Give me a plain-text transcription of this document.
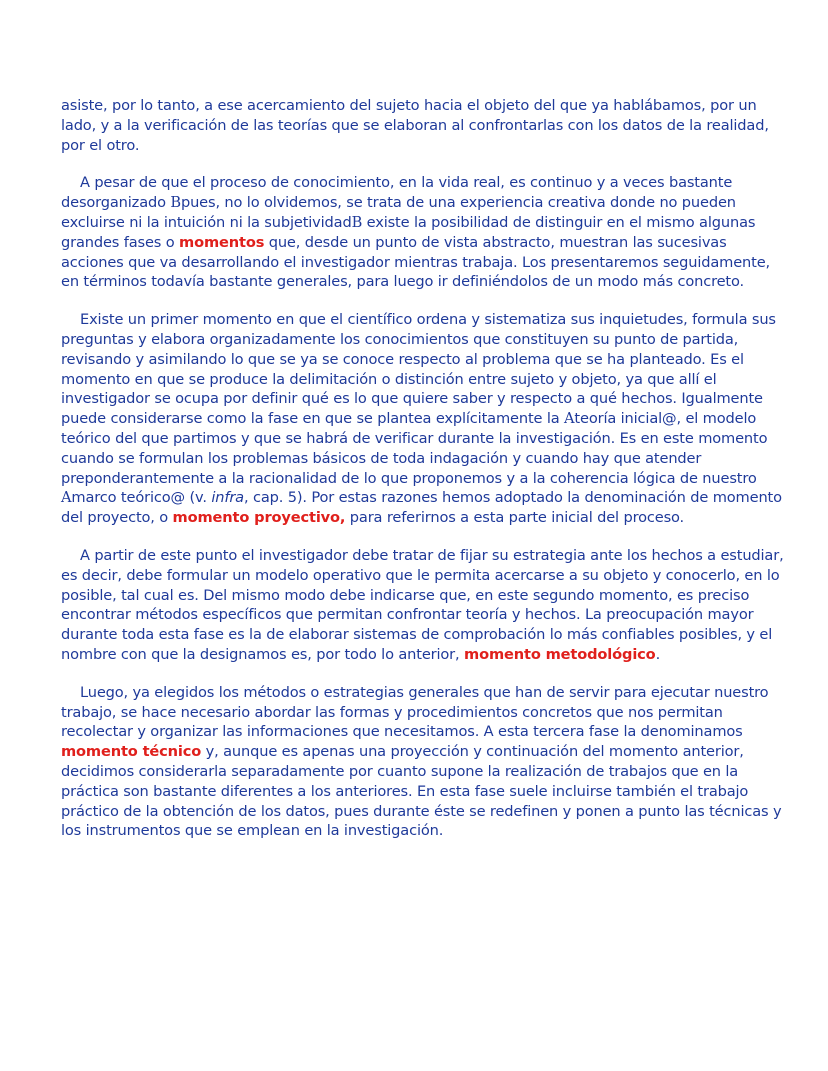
asiste, por lo tanto, a ese acercamiento del sujeto hacia el objeto del que ya hablábamos, por un lado, y a la verificación de las teorías que se elaboran al confrontarlas con los datos de la realidad, por el otro.

A pesar de que el proceso de conocimiento, en la vida real, es continuo y a veces bastante desorganizado Bpues, no lo olvidemos, se trata de una experiencia creativa donde no pueden excluirse ni la intuición ni la subjetividadB existe la posibilidad de distinguir en el mismo algunas grandes fases o momentos que, desde un punto de vista abstracto, muestran las sucesivas acciones que va desarrollando el investigador mientras trabaja. Los presentaremos seguidamente, en términos todavía bastante generales, para luego ir definiéndolos de un modo más concreto.

Existe un primer momento en que el científico ordena y sistematiza sus inquietudes, formula sus preguntas y elabora organizadamente los conocimientos que constituyen su punto de partida, revisando y asimilando lo que se ya se conoce respecto al problema que se ha planteado. Es el momento en que se produce la delimitación o distinción entre sujeto y objeto, ya que allí el investigador se ocupa por definir qué es lo que quiere saber y respecto a qué hechos. Igualmente puede considerarse como la fase en que se plantea explícitamente la Ateoría inicial@, el modelo teórico del que partimos y que se habrá de verificar durante la investigación. Es en este momento cuando se formulan los problemas básicos de toda indagación y cuando hay que atender preponderantemente a la racionalidad de lo que proponemos y a la coherencia lógica de nuestro Amarco teórico@ (v. infra, cap. 5). Por estas razones hemos adoptado la denominación de momento del proyecto, o momento proyectivo, para referirnos a esta parte inicial del proceso.

A partir de este punto el investigador debe tratar de fijar su estrategia ante los hechos a estudiar, es decir, debe formular un modelo operativo que le permita acercarse a su objeto y conocerlo, en lo posible, tal cual es. Del mismo modo debe indicarse que, en este segundo momento, es preciso encontrar métodos específicos que permitan confrontar teoría y hechos. La preocupación mayor durante toda esta fase es la de elaborar sistemas de comprobación lo más confiables posibles, y el nombre con que la designamos es, por todo lo anterior, momento metodológico.

Luego, ya elegidos los métodos o estrategias generales que han de servir para ejecutar nuestro trabajo, se hace necesario abordar las formas y procedimientos concretos que nos permitan recolectar y organizar las informaciones que necesitamos. A esta tercera fase la denominamos momento técnico y, aunque es apenas una proyección y continuación del momento anterior, decidimos considerarla separadamente por cuanto supone la realización de trabajos que en la práctica son bastante diferentes a los anteriores. En esta fase suele incluirse también el trabajo práctico de la obtención de los datos, pues durante éste se redefinen y ponen a punto las técnicas y los instrumentos que se emplean en la investigación.
